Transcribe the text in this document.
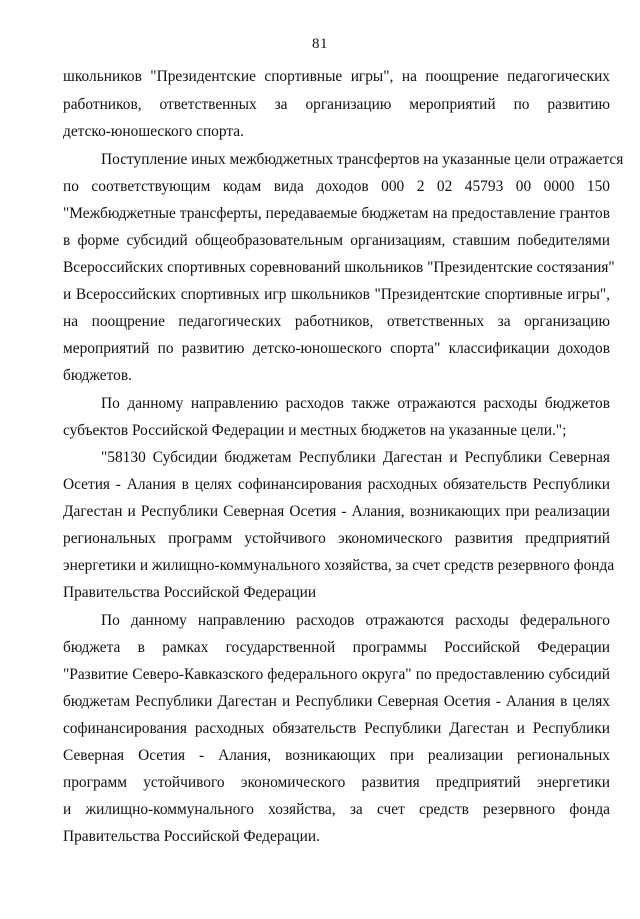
81
школьников "Президентские спортивные игры", на поощрение педагогических
работников, ответственных за организацию мероприятий по развитию
детско-юношеского спорта.
Поступление иных межбюджетных трансфертов на указанные цели отражается
по соответствующим кодам вида доходов 000 2 02 45793 00 0000 150
"Межбюджетные трансферты, передаваемые бюджетам на предоставление грантов
в форме субсидий общеобразовательным организациям, ставшим победителями
Всероссийских спортивных соревнований школьников "Президентские состязания"
и Всероссийских спортивных игр школьников "Президентские спортивные игры",
на поощрение педагогических работников, ответственных за организацию
мероприятий по развитию детско-юношеского спорта" классификации доходов
бюджетов.
По данному направлению расходов также отражаются расходы бюджетов
субъектов Российской Федерации и местных бюджетов на указанные цели.";
"58130 Субсидии бюджетам Республики Дагестан и Республики Северная
Осетия - Алания в целях софинансирования расходных обязательств Республики
Дагестан и Республики Северная Осетия - Алания, возникающих при реализации
региональных программ устойчивого экономического развития предприятий
энергетики и жилищно-коммунального хозяйства, за счет средств резервного фонда
Правительства Российской Федерации
По данному направлению расходов отражаются расходы федерального
бюджета в рамках государственной программы Российской Федерации
"Развитие Северо-Кавказского федерального округа" по предоставлению субсидий
бюджетам Республики Дагестан и Республики Северная Осетия - Алания в целях
софинансирования расходных обязательств Республики Дагестан и Республики
Северная Осетия - Алания, возникающих при реализации региональных
программ устойчивого экономического развития предприятий энергетики
и жилищно-коммунального хозяйства, за счет средств резервного фонда
Правительства Российской Федерации.
